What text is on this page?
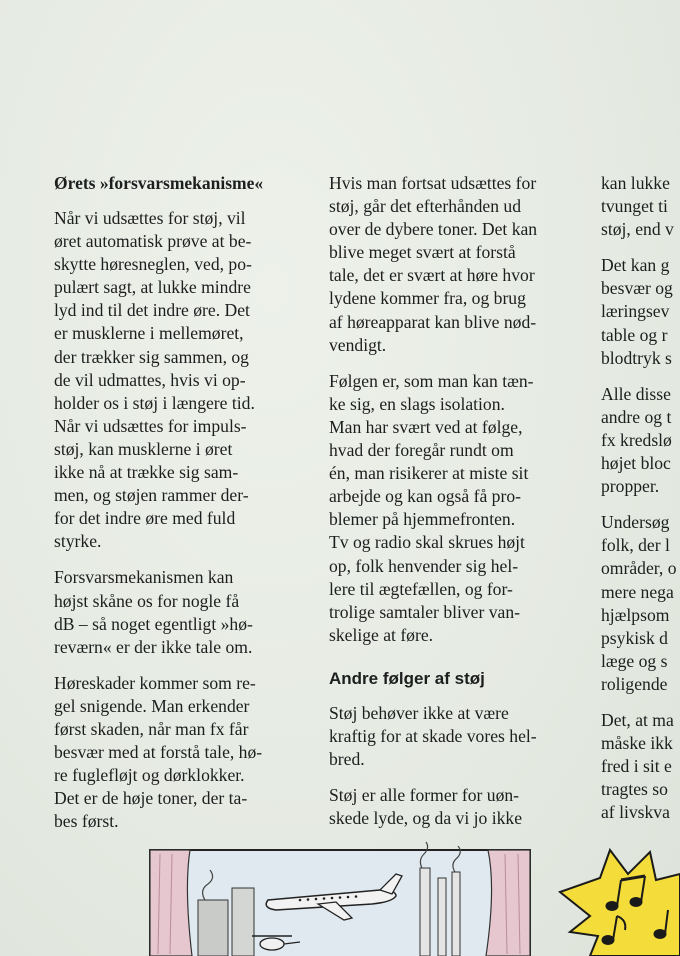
Ørets »forsvarsmekanisme«

Når vi udsættes for støj, vil
øret automatisk prøve at be-
skytte høresneglen, ved, po-
pulært sagt, at lukke mindre
lyd ind til det indre øre. Det
er musklerne i mellemøret,
der trækker sig sammen, og
de vil udmattes, hvis vi op-
holder os i støj i længere tid.
Når vi udsættes for impuls-
støj, kan musklerne i øret
ikke nå at trække sig sam-
men, og støjen rammer der-
for det indre øre med fuld
styrke.

Forsvarsmekanismen kan
højst skåne os for nogle få
dB – så noget egentligt »hø-
reværn« er der ikke tale om.

Høreskader kommer som re-
gel snigende. Man erkender
først skaden, når man fx får
besvær med at forstå tale, hø-
re fuglefløjt og dørklokker.
Det er de høje toner, der ta-
bes først.

Hvis man fortsat udsættes for
støj, går det efterhånden ud
over de dybere toner. Det kan
blive meget svært at forstå
tale, det er svært at høre hvor
lydene kommer fra, og brug
af høreapparat kan blive nød-
vendigt.

Følgen er, som man kan tæn-
ke sig, en slags isolation.
Man har svært ved at følge,
hvad der foregår rundt om
én, man risikerer at miste sit
arbejde og kan også få pro-
blemer på hjemmefronten.
Tv og radio skal skrues højt
op, folk henvender sig hel-
lere til ægtefællen, og for-
trolige samtaler bliver van-
skelige at føre.

Andre følger af støj

Støj behøver ikke at være
kraftig for at skade vores hel-
bred.

Støj er alle former for uøn-
skede lyde, og da vi jo ikke

kan lukke
tvunget ti
støj, end v

Det kan g
besvær og
læringsev
table og r
blodtryk s

Alle disse
andre og t
fx kredslø
højet bloc
propper.

Undersøg
folk, der l
områder, o
mere nega
hjælpsom
psykisk d
læge og s
roligende

Det, at ma
måske ikk
fred i sit e
tragtes so
af livskva
